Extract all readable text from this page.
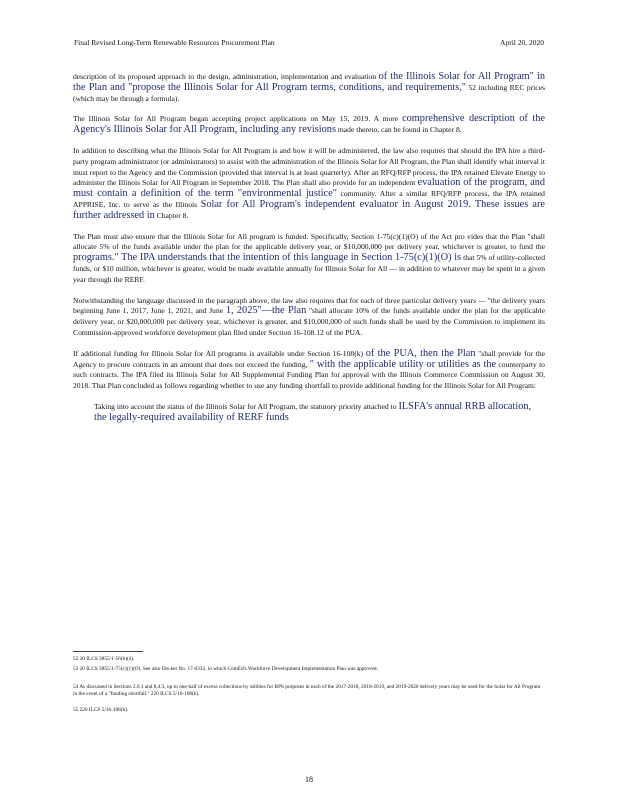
Final Revised Long-Term Renewable Resources Procurement Plan	April 20, 2020

description of its proposed approach to the design, administration, implementation and evaluation of the Illinois Solar for All Program" in the Plan and "propose the Illinois Solar for All Program terms, conditions, and requirements," 52 including REC prices (which may be through a formula).

The Illinois Solar for All Program began accepting project applications on May 15, 2019. A more comprehensive description of the Agency's Illinois Solar for All Program, including any revisions made thereto, can be found in Chapter 8.

In addition to describing what the Illinois Solar for All Program is and how it will be administered, the law also requires that should the IPA hire a third-party program administrator (or administrators) to assist with the administration of the Illinois Solar for All Program, the Plan shall identify what interval it must report to the Agency and the Commission (provided that interval is at least quarterly). After an RFQ/RFP process, the IPA retained Elevate Energy to administer the Illinois Solar for All Program in September 2018. The Plan shall also provide for an independent evaluation of the program, and must contain a definition of the term "environmental justice" community. After a similar RFQ/RFP process, the IPA retained APPRISE, Inc. to serve as the Illinois Solar for All Program's independent evaluator in August 2019. These issues are further addressed in Chapter 8.

The Plan must also ensure that the Illinois Solar for All program is funded. Specifically, Section 1-75(c)(1)(O) of the Act pro vides that the Plan "shall allocate 5% of the funds available under the plan for the applicable delivery year, or $10,000,000 per delivery year, whichever is greater, to fund the programs." The IPA understands that the intention of this language in Section 1-75(c)(1)(O) is that 5% of utility-collected funds, or $10 million, whichever is greater, would be made available annually for Illinois Solar for All — in addition to whatever may be spent in a given year through the RERF.

Notwithstanding the language discussed in the paragraph above, the law also requires that for each of three particular delivery years — "the delivery years beginning June 1, 2017, June 1, 2021, and June 1, 2025"—the Plan "shall allocate 10% of the funds available under the plan for the applicable delivery year, or $20,000,000 per delivery year, whichever is greater, and $10,000,000 of such funds shall be used by the Commission to implement its Commission-approved workforce development plan filed under Section 16-108.12 of the PUA.

If additional funding for Illinois Solar for All programs is available under Section 16-108(k) of the PUA, then the Plan "shall provide for the Agency to procure contracts in an amount that does not exceed the funding, " with the applicable utility or utilities as the counterparty to such contracts. The IPA filed its Illinois Solar for All Supplemental Funding Plan for approval with the Illinois Commerce Commission on August 30, 2018. That Plan concluded as follows regarding whether to use any funding shortfall to provide additional funding for the Illinois Solar for All Program:

Taking into account the status of the Illinois Solar for All Program, the statutory priority attached to ILSFA's annual RRB allocation, the legally-required availability of RERF funds
52 20 ILCS 3855/1-56(b)(4).
53 20 ILCS 3855/1-75(c)(1)(O). See also Docket No. 17-0332, in which ComEd's Workforce Development Implementation Plan was approved.
54 As discussed in Sections 2.6.1 and 8.4.3, up to one-half of excess collections by utilities for RPS purposes in each of the 2017-2018, 2018-2019, and 2019-2020 delivery years may be used for the Solar for All Program in the event of a "funding shortfall." 220 ILCS 5/16-108(k).
55 220 ILCS 5/16-108(k).
18
